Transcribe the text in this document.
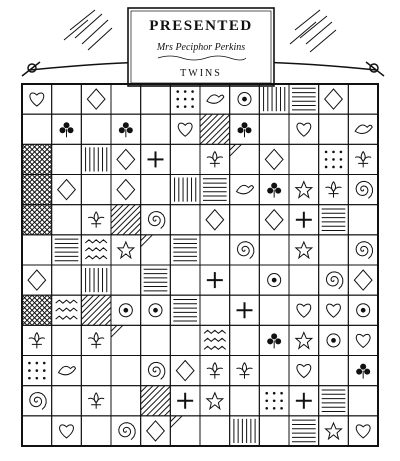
PRESENTED
Mrs Peciphor Perkins
TWINS
